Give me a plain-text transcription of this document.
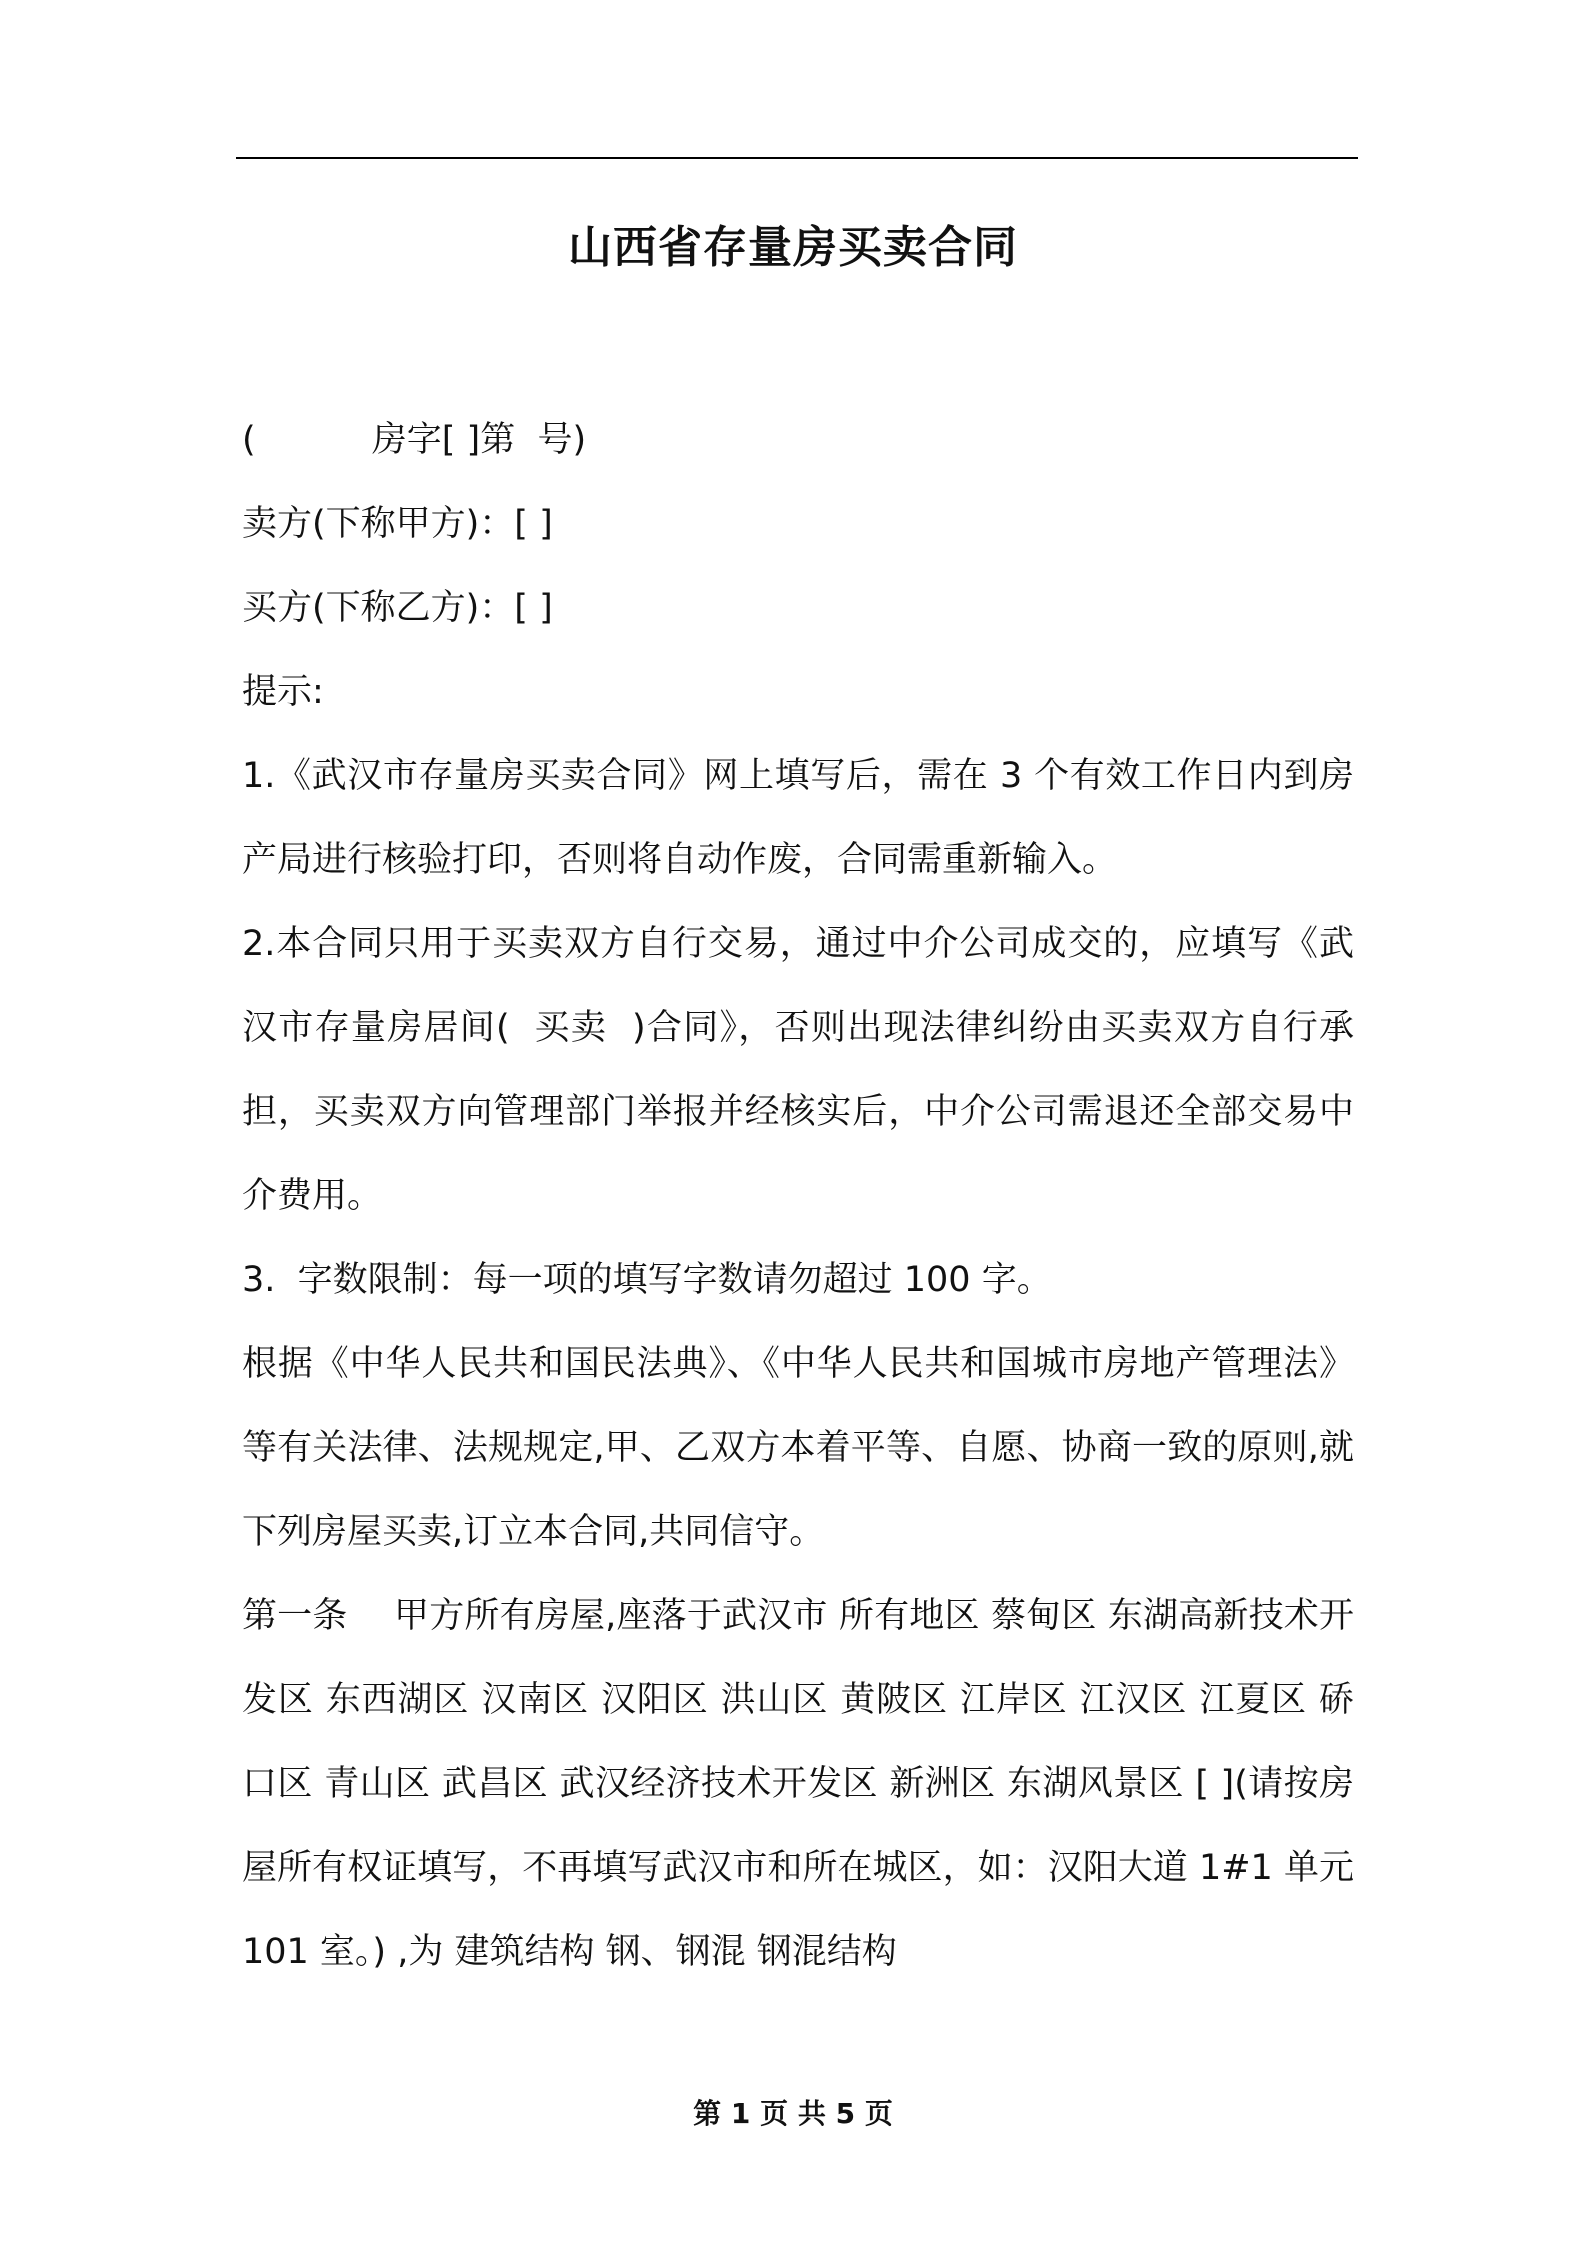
山西省存量房买卖合同

(　　　 房字[ ]第  号)

卖方(下称甲方)：[ ]

买方(下称乙方)：[ ]

提示:

1.《武汉市存量房买卖合同》网上填写后，需在 3 个有效工作日内到房产局进行核验打印，否则将自动作废，合同需重新输入。

2.本合同只用于买卖双方自行交易，通过中介公司成交的，应填写《武汉市存量房居间(  买卖  )合同》，否则出现法律纠纷由买卖双方自行承担，买卖双方向管理部门举报并经核实后，中介公司需退还全部交易中介费用。

3.  字数限制：每一项的填写字数请勿超过 100 字。

根据《中华人民共和国民法典》、《中华人民共和国城市房地产管理法》等有关法律、法规规定,甲、乙双方本着平等、自愿、协商一致的原则,就下列房屋买卖,订立本合同,共同信守。

第一条　 甲方所有房屋,座落于武汉市 所有地区 蔡甸区 东湖高新技术开发区 东西湖区 汉南区 汉阳区 洪山区 黄陂区 江岸区 江汉区 江夏区 硚口区 青山区 武昌区 武汉经济技术开发区 新洲区 东湖风景区 [ ](请按房屋所有权证填写，不再填写武汉市和所在城区，如：汉阳大道 1#1 单元 101 室。) ,为 建筑结构 钢、钢混 钢混结构

第 1 页 共 5 页
